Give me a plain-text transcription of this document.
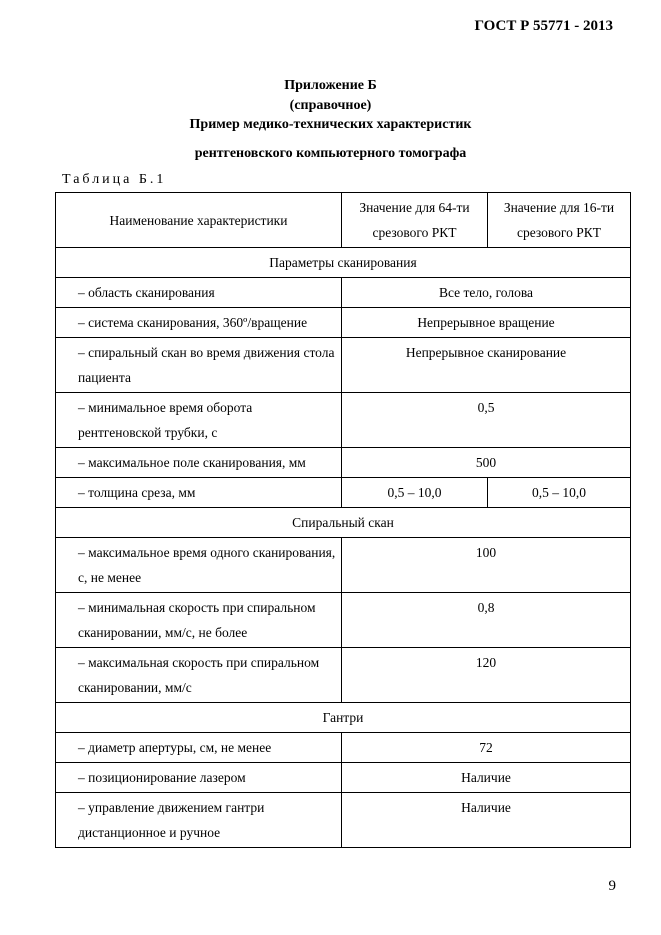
ГОСТ Р 55771 - 2013
Приложение Б
(справочное)
Пример медико-технических характеристик
рентгеновского компьютерного томографа
Таблица Б.1
Наименование характеристики	Значение для 64-ти срезового РКТ	Значение для 16-ти срезового РКТ
Параметры сканирования		
– область сканирования	Все тело, голова	
– система сканирования, 360º/вращение	Непрерывное вращение	
– спиральный скан во время движения стола пациента	Непрерывное сканирование	
– минимальное время оборота рентгеновской трубки, с	0,5	
– максимальное поле сканирования, мм	500	
– толщина среза, мм	0,5 – 10,0	0,5 – 10,0
Спиральный скан		
– максимальное время одного сканирования, с, не менее	100	
– минимальная скорость при спиральном сканировании, мм/с, не более	0,8	
– максимальная скорость при спиральном сканировании, мм/с	120	
Гантри		
– диаметр апертуры, см, не менее	72	
– позиционирование лазером	Наличие	
– управление движением гантри дистанционное и ручное	Наличие	
9
